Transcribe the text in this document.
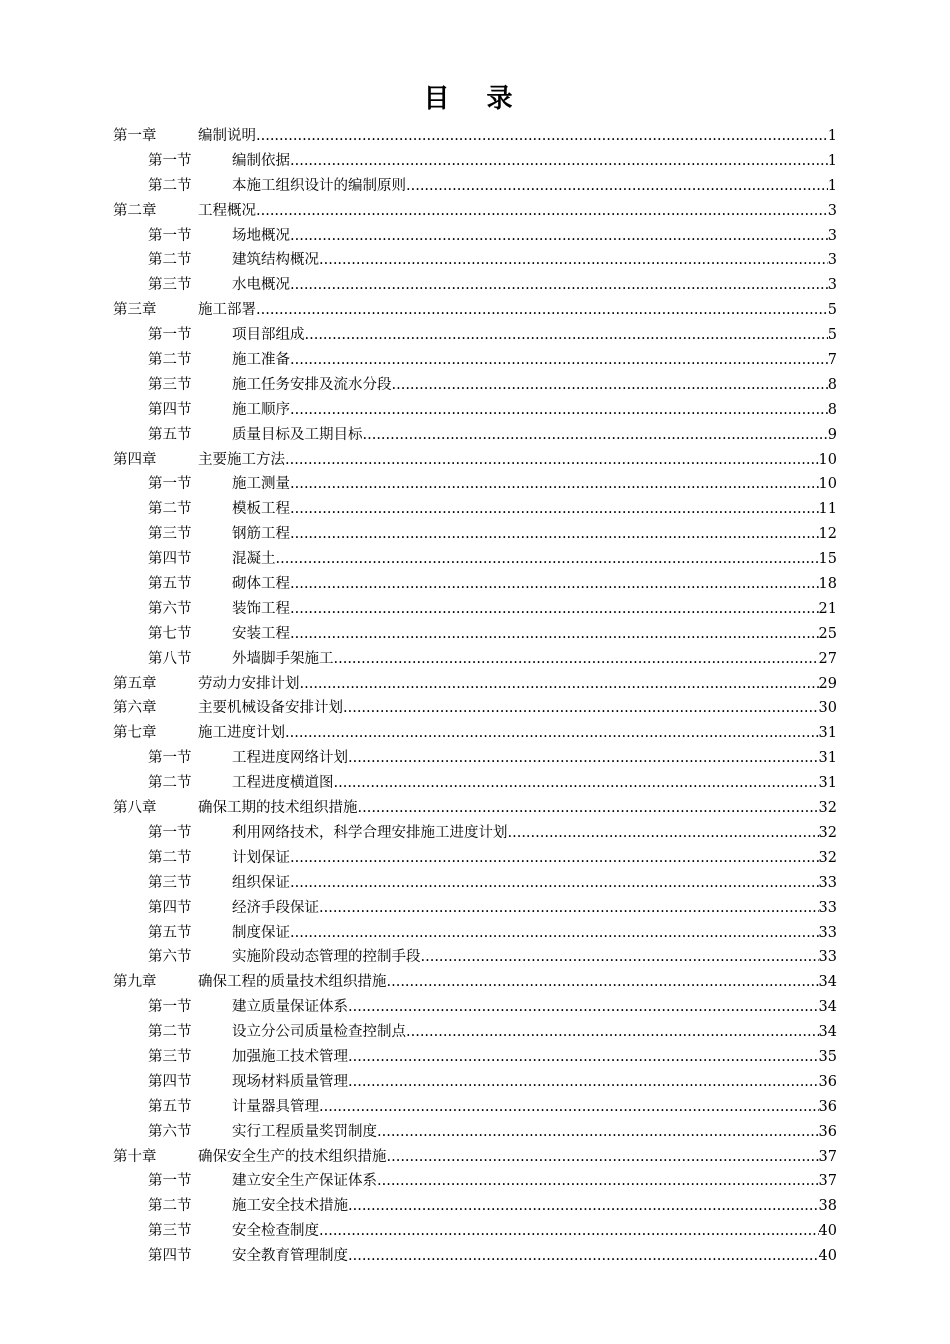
目 录
第一章	编制说明 .....	1
第一节	编制依据 .....	1
第二节	本施工组织设计的编制原则 .....	1
第二章	工程概况 .....	3
第一节	场地概况 .....	3
第二节	建筑结构概况 .....	3
第三节	水电概况 .....	3
第三章	施工部署 .....	5
第一节	项目部组成 .....	5
第二节	施工准备 .....	7
第三节	施工任务安排及流水分段 .....	8
第四节	施工顺序 .....	8
第五节	质量目标及工期目标 .....	9
第四章	主要施工方法 .....	10
第一节	施工测量 .....	10
第二节	模板工程 .....	11
第三节	钢筋工程 .....	12
第四节	混凝土 .....	15
第五节	砌体工程 .....	18
第六节	装饰工程 .....	21
第七节	安装工程 .....	25
第八节	外墙脚手架施工 .....	27
第五章	劳动力安排计划 .....	29
第六章	主要机械设备安排计划 .....	30
第七章	施工进度计划 .....	31
第一节	工程进度网络计划 .....	31
第二节	工程进度横道图 .....	31
第八章	确保工期的技术组织措施 .....	32
第一节	利用网络技术，科学合理安排施工进度计划 .....	32
第二节	计划保证 .....	32
第三节	组织保证 .....	33
第四节	经济手段保证 .....	33
第五节	制度保证 .....	33
第六节	实施阶段动态管理的控制手段 .....	33
第九章	确保工程的质量技术组织措施 .....	34
第一节	建立质量保证体系 .....	34
第二节	设立分公司质量检查控制点 .....	34
第三节	加强施工技术管理 .....	35
第四节	现场材料质量管理 .....	36
第五节	计量器具管理 .....	36
第六节	实行工程质量奖罚制度 .....	36
第十章	确保安全生产的技术组织措施 .....	37
第一节	建立安全生产保证体系 .....	37
第二节	施工安全技术措施 .....	38
第三节	安全检查制度 .....	40
第四节	安全教育管理制度 .....	40
